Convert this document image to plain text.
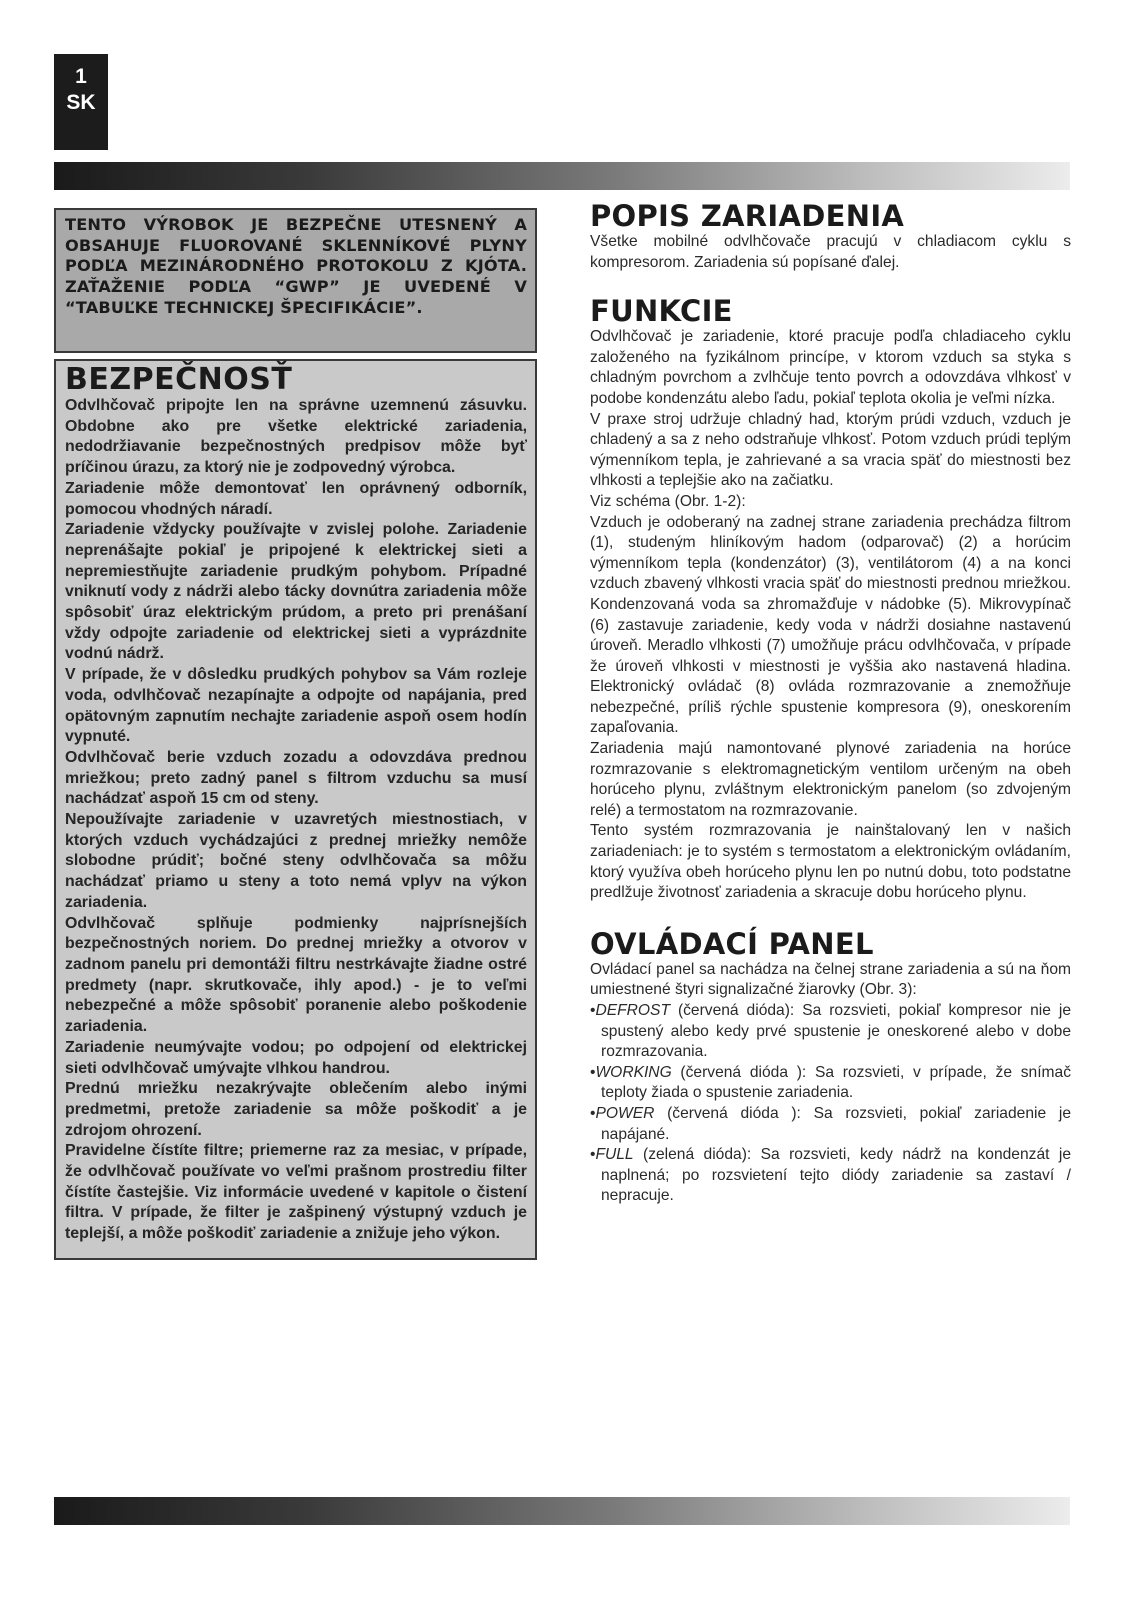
1
SK

TENTO VÝROBOK JE BEZPEČNE UTESNENÝ A OBSAHUJE FLUOROVANÉ SKLENNÍKOVÉ PLYNY PODĽA MEZINÁRODNÉHO PROTOKOLU Z KJÓTA. ZAŤAŽENIE PODĽA “GWP” JE UVEDENÉ V “TABUĽKE TECHNICKEJ ŠPECIFIKÁCIE”.

BEZPEČNOSŤ

Odvlhčovač pripojte len na správne uzemnenú zásuvku. Obdobne ako pre všetke elektrické zariadenia, nedodržiavanie bezpečnostných predpisov môže byť príčinou úrazu, za ktorý nie je zodpovedný výrobca.

Zariadenie môže demontovať len oprávnený odborník, pomocou vhodných náradí.

Zariadenie vždycky používajte v zvislej polohe. Zariadenie neprenášajte pokiaľ je pripojené k elektrickej sieti a nepremiestňujte zariadenie prudkým pohybom. Prípadné vniknutí vody z nádrži alebo tácky dovnútra zariadenia môže spôsobiť úraz elektrickým prúdom, a preto pri prenášaní vždy odpojte zariadenie od elektrickej sieti a vyprázdnite vodnú nádrž.

V prípade, že v dôsledku prudkých pohybov sa Vám rozleje voda, odvlhčovač nezapínajte a odpojte od napájania, pred opätovným zapnutím nechajte zariadenie aspoň osem hodín vypnuté.

Odvlhčovač berie vzduch zozadu a odovzdáva prednou mriežkou; preto zadný panel s filtrom vzduchu sa musí nachádzať aspoň 15 cm od steny.

Nepoužívajte zariadenie v uzavretých miestnostiach, v ktorých vzduch vychádzajúci z prednej mriežky nemôže slobodne prúdiť; bočné steny odvlhčovača sa môžu nachádzať priamo u steny a toto nemá vplyv na výkon zariadenia.

Odvlhčovač splňuje podmienky najprísnejších bezpečnostných noriem. Do prednej mriežky a otvorov v zadnom panelu pri demontáži filtru nestrkávajte žiadne ostré predmety (napr. skrutkovače, ihly apod.) - je to veľmi nebezpečné a môže spôsobiť poranenie alebo poškodenie zariadenia.

Zariadenie neumývajte vodou; po odpojení od elektrickej sieti odvlhčovač umývajte vlhkou handrou.

Prednú mriežku nezakrývajte oblečením alebo inými predmetmi, pretože zariadenie sa môže poškodiť a je zdrojom ohrození.

Pravidelne čístíte filtre; priemerne raz za mesiac, v prípade, že odvlhčovač používate vo veľmi prašnom prostrediu filter čístíte častejšie. Viz informácie uvedené v kapitole o čistení filtra. V prípade, že filter je zašpinený výstupný vzduch je teplejší, a môže poškodiť zariadenie a znižuje jeho výkon.

POPIS ZARIADENIA

Všetke mobilné odvlhčovače pracujú v chladiacom cyklu s kompresorom. Zariadenia sú popísané ďalej.

FUNKCIE

Odvlhčovač je zariadenie, ktoré pracuje podľa chladiaceho cyklu založeného na fyzikálnom princípe, v ktorom vzduch sa styka s chladným povrchom a zvlhčuje tento povrch a odovzdáva vlhkosť v podobe kondenzátu alebo ľadu, pokiaľ teplota okolia je veľmi nízka.

V praxe stroj udržuje chladný had, ktorým prúdi vzduch, vzduch je chladený a sa z neho odstraňuje vlhkosť. Potom vzduch prúdi teplým výmenníkom tepla, je zahrievané a sa vracia späť do miestnosti bez vlhkosti a teplejšie ako na začiatku.

Viz schéma (Obr. 1-2):

Vzduch je odoberaný na zadnej strane zariadenia prechádza filtrom (1), studeným hliníkovým hadom (odparovač) (2) a horúcim výmenníkom tepla (kondenzátor) (3), ventilátorom (4) a na konci vzduch zbavený vlhkosti vracia späť do miestnosti prednou mriežkou. Kondenzovaná voda sa zhromažďuje v nádobke (5). Mikrovypínač (6) zastavuje zariadenie, kedy voda v nádrži dosiahne nastavenú úroveň. Meradlo vlhkosti (7) umožňuje prácu odvlhčovača, v prípade že úroveň vlhkosti v miestnosti je vyššia ako nastavená hladina. Elektronický ovládač (8) ovláda rozmrazovanie a znemožňuje nebezpečné, príliš rýchle spustenie kompresora (9), oneskorením zapaľovania.

Zariadenia majú namontované plynové zariadenia na horúce rozmrazovanie s elektromagnetickým ventilom určeným na obeh horúceho plynu, zvláštnym elektronickým panelom (so zdvojeným relé) a termostatom na rozmrazovanie.

Tento systém rozmrazovania je nainštalovaný len v našich zariadeniach: je to systém s termostatom a elektronickým ovládaním, ktorý využíva obeh horúceho plynu len po nutnú dobu, toto podstatne predlžuje životnosť zariadenia a skracuje dobu horúceho plynu.

OVLÁDACÍ PANEL

Ovládací panel sa nachádza na čelnej strane zariadenia a sú na ňom umiestnené štyri signalizačné žiarovky (Obr. 3):

•DEFROST (červená dióda): Sa rozsvieti, pokiaľ kompresor nie je spustený alebo kedy prvé spustenie je oneskorené alebo v dobe rozmrazovania.

•WORKING (červená dióda ): Sa rozsvieti, v prípade, že snímač teploty žiada o spustenie zariadenia.

•POWER (červená dióda ): Sa rozsvieti, pokiaľ zariadenie je napájané.

•FULL (zelená dióda): Sa rozsvieti, kedy nádrž na kondenzát je naplnená; po rozsvietení tejto diódy zariadenie sa zastaví / nepracuje.
